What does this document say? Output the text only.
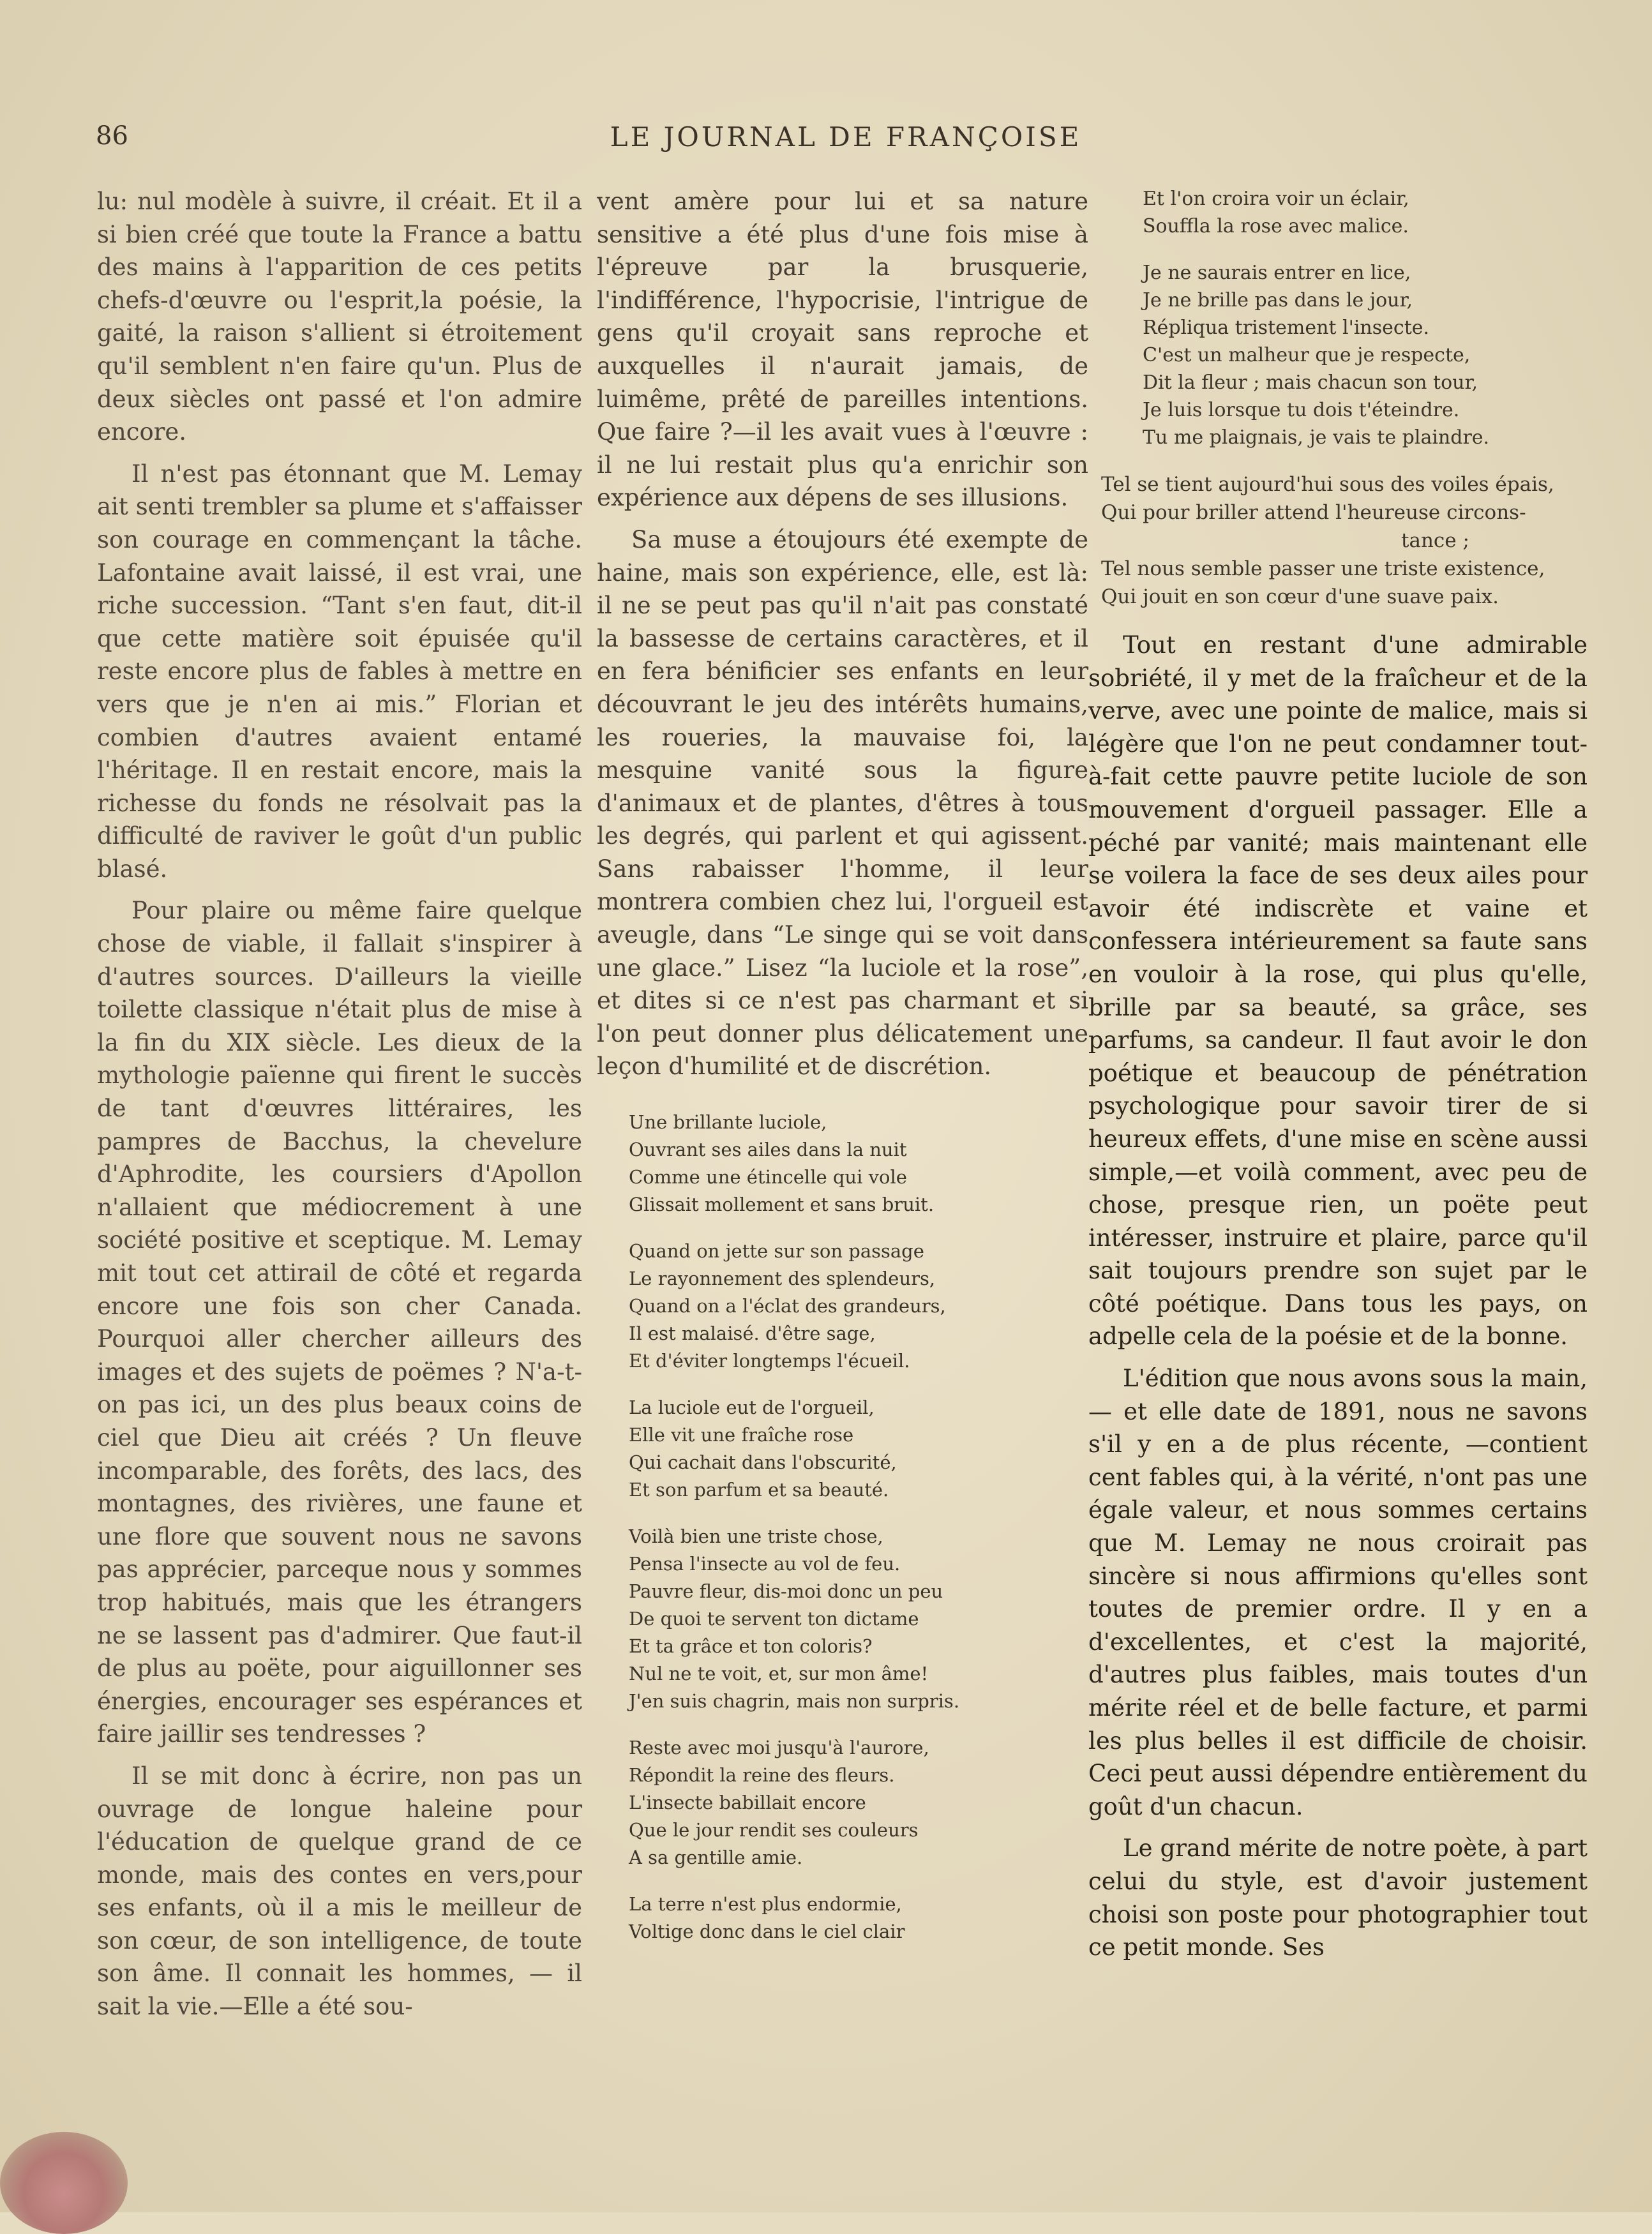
86	LE JOURNAL DE FRANÇOISE

lu: nul modèle à suivre, il créait. Et il a si bien créé que toute la France a battu des mains à l'apparition de ces petits chefs-d'œuvre ou l'esprit,la poésie, la gaité, la raison s'allient si étroitement qu'il semblent n'en faire qu'un. Plus de deux siècles ont passé et l'on admire encore.

Il n'est pas étonnant que M. Lemay ait senti trembler sa plume et s'affaisser son courage en commençant la tâche. Lafontaine avait laissé, il est vrai, une riche succession. “Tant s'en faut, dit-il que cette matière soit épuisée qu'il reste encore plus de fables à mettre en vers que je n'en ai mis.” Florian et combien d'autres avaient entamé l'héritage. Il en restait encore, mais la richesse du fonds ne résolvait pas la difficulté de raviver le goût d'un public blasé.

Pour plaire ou même faire quelque chose de viable, il fallait s'inspirer à d'autres sources. D'ailleurs la vieille toilette classique n'était plus de mise à la fin du XIX siècle. Les dieux de la mythologie païenne qui firent le succès de tant d'œuvres littéraires, les pampres de Bacchus, la chevelure d'Aphrodite, les coursiers d'Apollon n'allaient que médiocrement à une société positive et sceptique. M. Lemay mit tout cet attirail de côté et regarda encore une fois son cher Canada. Pourquoi aller chercher ailleurs des images et des sujets de poëmes ? N'a-t-on pas ici, un des plus beaux coins de ciel que Dieu ait créés ? Un fleuve incomparable, des forêts, des lacs, des montagnes, des rivières, une faune et une flore que souvent nous ne savons pas apprécier, parceque nous y sommes trop habitués, mais que les étrangers ne se lassent pas d'admirer. Que faut-il de plus au poëte, pour aiguillonner ses énergies, encourager ses espérances et faire jaillir ses tendresses ?

Il se mit donc à écrire, non pas un ouvrage de longue haleine pour l'éducation de quelque grand de ce monde, mais des contes en vers,pour ses enfants, où il a mis le meilleur de son cœur, de son intelligence, de toute son âme. Il connait les hommes, — il sait la vie.—Elle a été sou-

vent amère pour lui et sa nature sensitive a été plus d'une fois mise à l'épreuve par la brusquerie, l'indifférence, l'hypocrisie, l'intrigue de gens qu'il croyait sans reproche et auxquelles il n'aurait jamais, de luimême, prêté de pareilles intentions. Que faire ?—il les avait vues à l'œuvre : il ne lui restait plus qu'a enrichir son expérience aux dépens de ses illusions.

Sa muse a étoujours été exempte de haine, mais son expérience, elle, est là: il ne se peut pas qu'il n'ait pas constaté la bassesse de certains caractères, et il en fera bénificier ses enfants en leur découvrant le jeu des intérêts humains, les roueries, la mauvaise foi, la mesquine vanité sous la figure d'animaux et de plantes, d'êtres à tous les degrés, qui parlent et qui agissent. Sans rabaisser l'homme, il leur montrera combien chez lui, l'orgueil est aveugle, dans “Le singe qui se voit dans une glace.” Lisez “la luciole et la rose”, et dites si ce n'est pas charmant et si l'on peut donner plus délicatement une leçon d'humilité et de discrétion.

Une brillante luciole,
Ouvrant ses ailes dans la nuit
Comme une étincelle qui vole
Glissait mollement et sans bruit.
Quand on jette sur son passage
Le rayonnement des splendeurs,
Quand on a l'éclat des grandeurs,
Il est malaisé. d'être sage,
Et d'éviter longtemps l'écueil.
La luciole eut de l'orgueil,
Elle vit une fraîche rose
Qui cachait dans l'obscurité,
Et son parfum et sa beauté.
Voilà bien une triste chose,
Pensa l'insecte au vol de feu.
Pauvre fleur, dis-moi donc un peu
De quoi te servent ton dictame
Et ta grâce et ton coloris?
Nul ne te voit, et, sur mon âme!
J'en suis chagrin, mais non surpris.
Reste avec moi jusqu'à l'aurore,
Répondit la reine des fleurs.
L'insecte babillait encore
Que le jour rendit ses couleurs
A sa gentille amie.
La terre n'est plus endormie,
Voltige donc dans le ciel clair
Et l'on croira voir un éclair,
Souffla la rose avec malice.
Je ne saurais entrer en lice,
Je ne brille pas dans le jour,
Répliqua tristement l'insecte.
C'est un malheur que je respecte,
Dit la fleur ; mais chacun son tour,
Je luis lorsque tu dois t'éteindre.
Tu me plaignais, je vais te plaindre.
Tel se tient aujourd'hui sous des voiles épais,
Qui pour briller attend l'heureuse circons-
tance ;
Tel nous semble passer une triste existence,
Qui jouit en son cœur d'une suave paix.

Tout en restant d'une admirable sobriété, il y met de la fraîcheur et de la verve, avec une pointe de malice, mais si légère que l'on ne peut condamner tout-à-fait cette pauvre petite luciole de son mouvement d'orgueil passager. Elle a péché par vanité; mais maintenant elle se voilera la face de ses deux ailes pour avoir été indiscrète et vaine et confessera intérieurement sa faute sans en vouloir à la rose, qui plus qu'elle, brille par sa beauté, sa grâce, ses parfums, sa candeur. Il faut avoir le don poétique et beaucoup de pénétration psychologique pour savoir tirer de si heureux effets, d'une mise en scène aussi simple,—et voilà comment, avec peu de chose, presque rien, un poëte peut intéresser, instruire et plaire, parce qu'il sait toujours prendre son sujet par le côté poétique. Dans tous les pays, on adpelle cela de la poésie et de la bonne.

L'édition que nous avons sous la main, — et elle date de 1891, nous ne savons s'il y en a de plus récente, —contient cent fables qui, à la vérité, n'ont pas une égale valeur, et nous sommes certains que M. Lemay ne nous croirait pas sincère si nous affirmions qu'elles sont toutes de premier ordre. Il y en a d'excellentes, et c'est la majorité, d'autres plus faibles, mais toutes d'un mérite réel et de belle facture, et parmi les plus belles il est difficile de choisir. Ceci peut aussi dépendre entièrement du goût d'un chacun.

Le grand mérite de notre poète, à part celui du style, est d'avoir justement choisi son poste pour photographier tout ce petit monde. Ses
